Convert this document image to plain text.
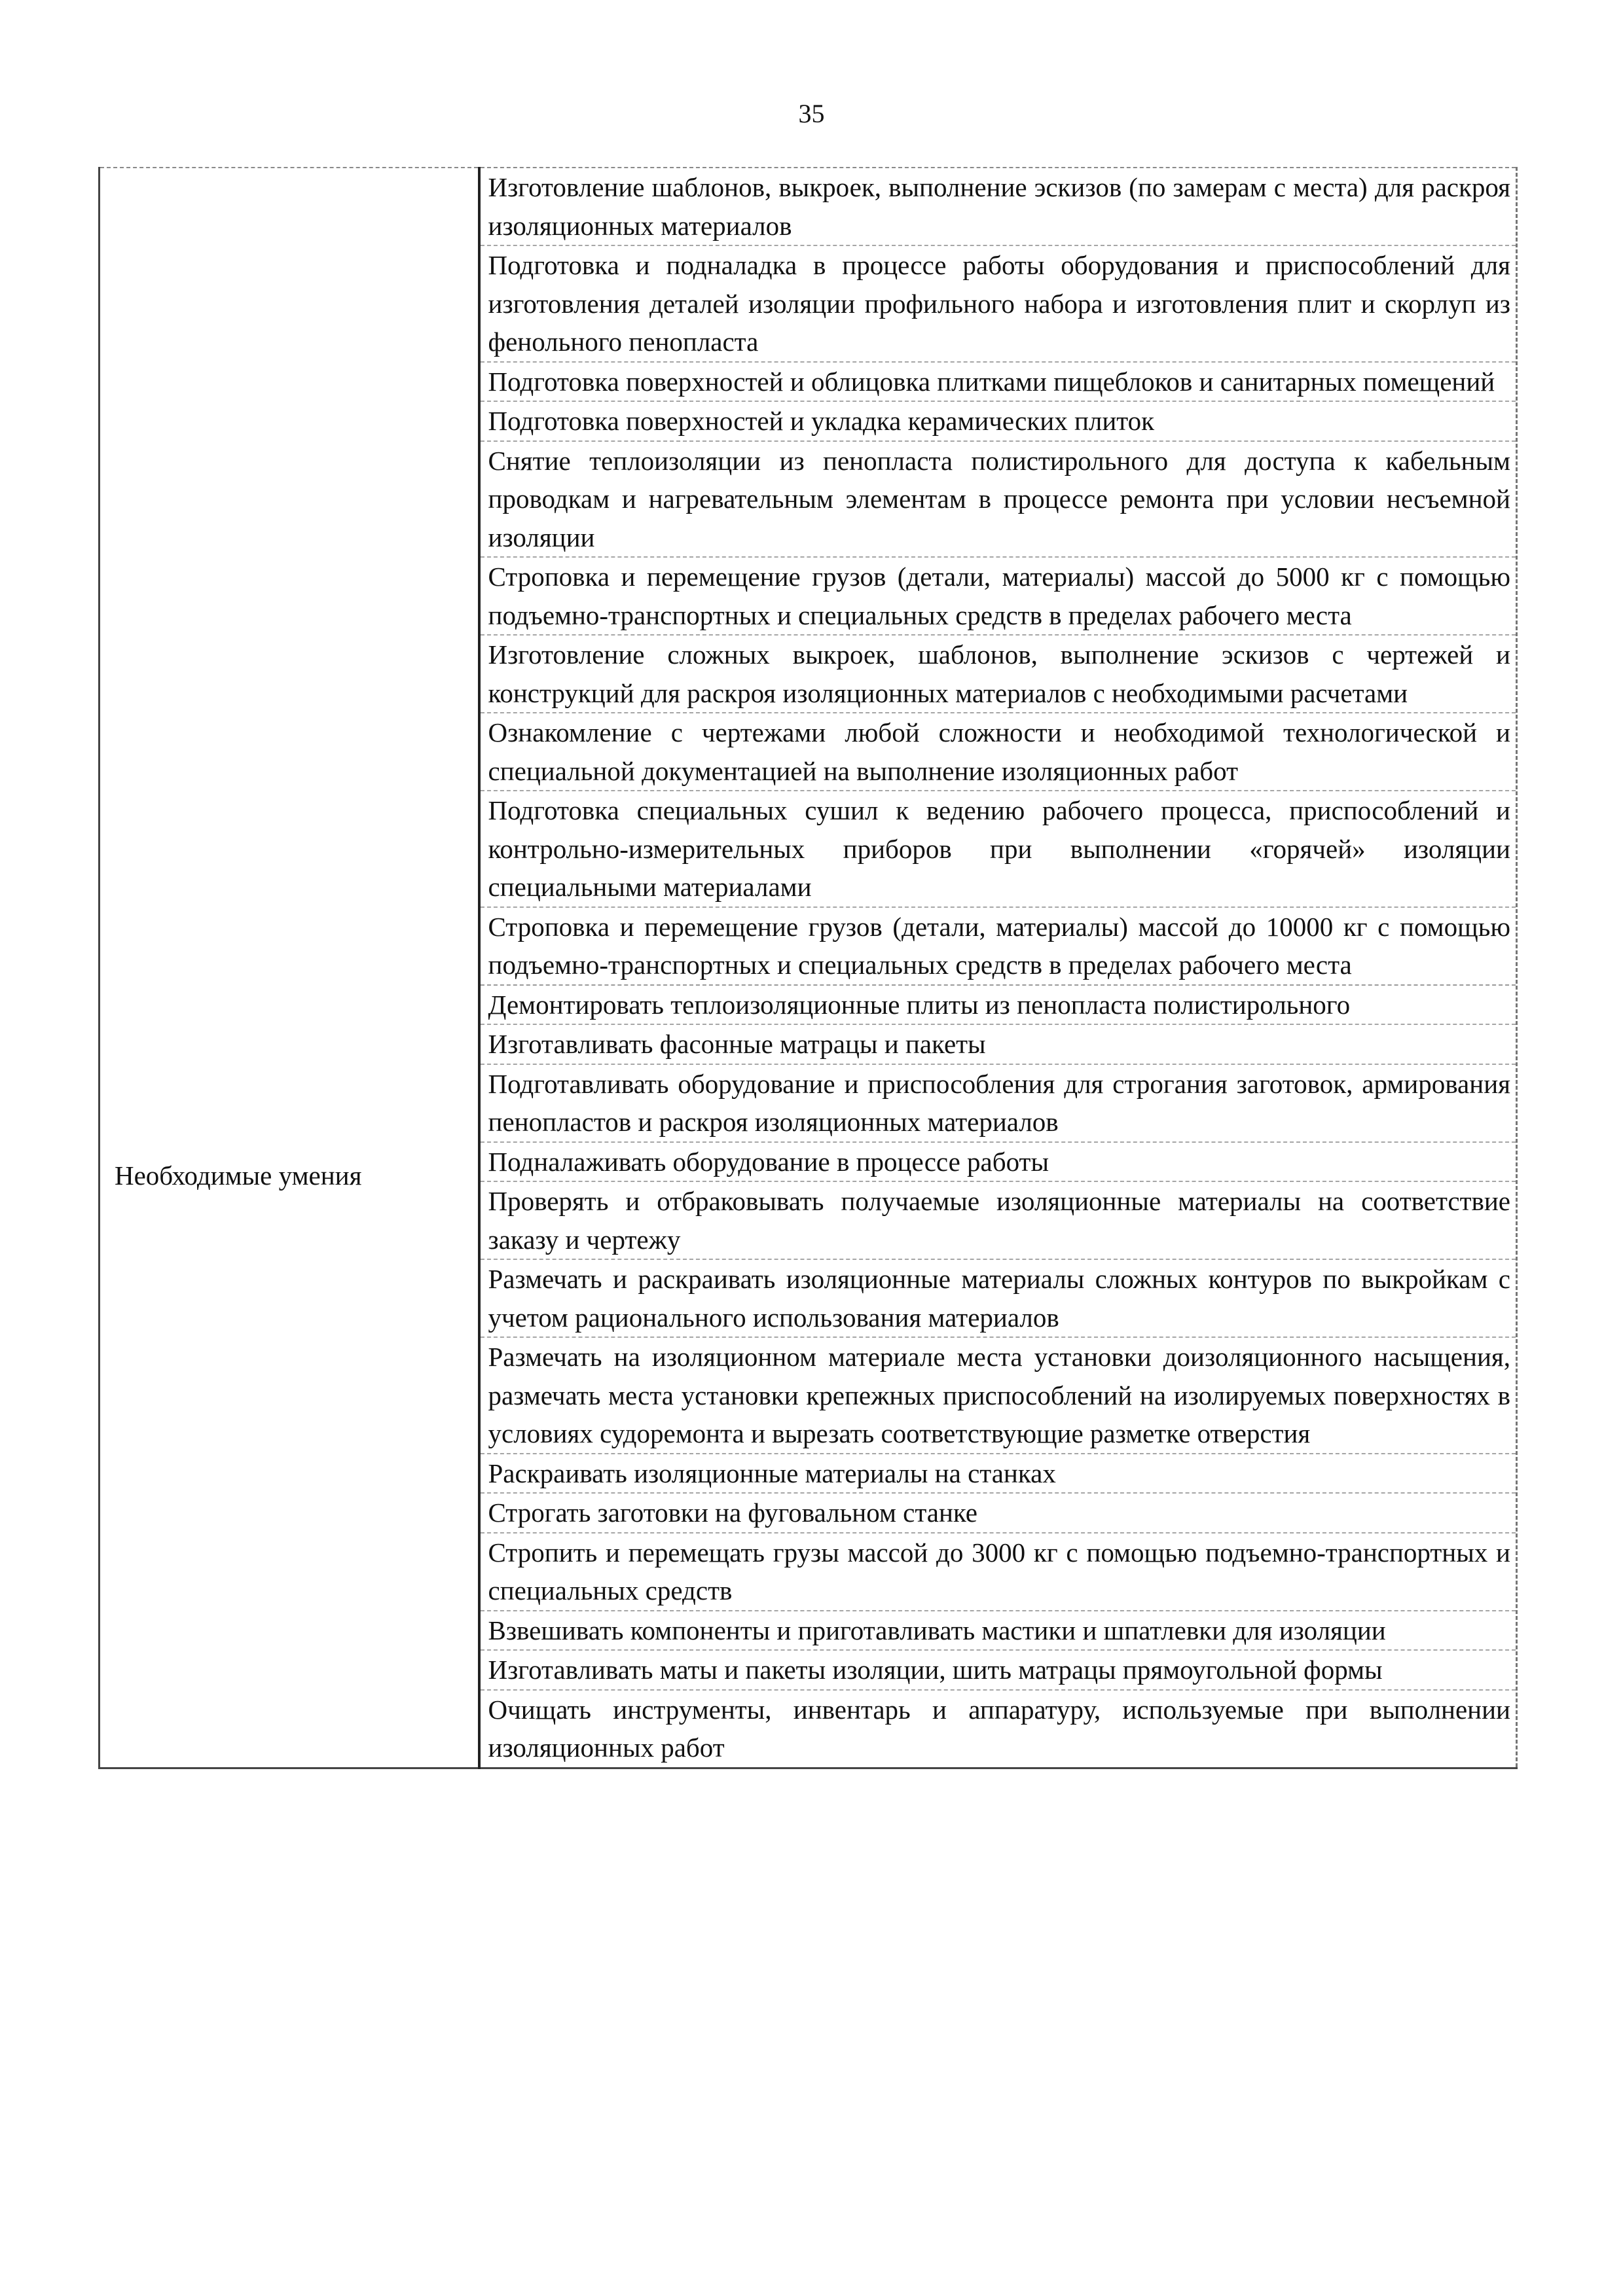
35
Необходимые умения

Изготовление шаблонов, выкроек, выполнение эскизов (по замерам с места) для раскроя изоляционных материалов
Подготовка и подналадка в процессе работы оборудования и приспособлений для изготовления деталей изоляции профильного набора и изготовления плит и скорлуп из фенольного пенопласта
Подготовка поверхностей и облицовка плитками пищеблоков и санитарных помещений
Подготовка поверхностей и укладка керамических плиток
Снятие теплоизоляции из пенопласта полистирольного для доступа к кабельным проводкам и нагревательным элементам в процессе ремонта при условии несъемной изоляции
Строповка и перемещение грузов (детали, материалы) массой до 5000 кг с помощью подъемно-транспортных и специальных средств в пределах рабочего места
Изготовление сложных выкроек, шаблонов, выполнение эскизов с чертежей и конструкций для раскроя изоляционных материалов с необходимыми расчетами
Ознакомление с чертежами любой сложности и необходимой технологической и специальной документацией на выполнение изоляционных работ
Подготовка специальных сушил к ведению рабочего процесса, приспособлений и контрольно-измерительных приборов при выполнении «горячей» изоляции специальными материалами
Строповка и перемещение грузов (детали, материалы) массой до 10000 кг с помощью подъемно-транспортных и специальных средств в пределах рабочего места
Демонтировать теплоизоляционные плиты из пенопласта полистирольного
Изготавливать фасонные матрацы и пакеты
Подготавливать оборудование и приспособления для строгания заготовок, армирования пенопластов и раскроя изоляционных материалов
Подналаживать оборудование в процессе работы
Проверять и отбраковывать получаемые изоляционные материалы на соответствие заказу и чертежу
Размечать и раскраивать изоляционные материалы сложных контуров по выкройкам с учетом рационального использования материалов
Размечать на изоляционном материале места установки доизоляционного насыщения, размечать места установки крепежных приспособлений на изолируемых поверхностях в условиях судоремонта и вырезать соответствующие разметке отверстия
Раскраивать изоляционные материалы на станках
Строгать заготовки на фуговальном станке
Стропить и перемещать грузы массой до 3000 кг с помощью подъемно-транспортных и специальных средств
Взвешивать компоненты и приготавливать мастики и шпатлевки для изоляции
Изготавливать маты и пакеты изоляции, шить матрацы прямоугольной формы
Очищать инструменты, инвентарь и аппаратуру, используемые при выполнении изоляционных работ
